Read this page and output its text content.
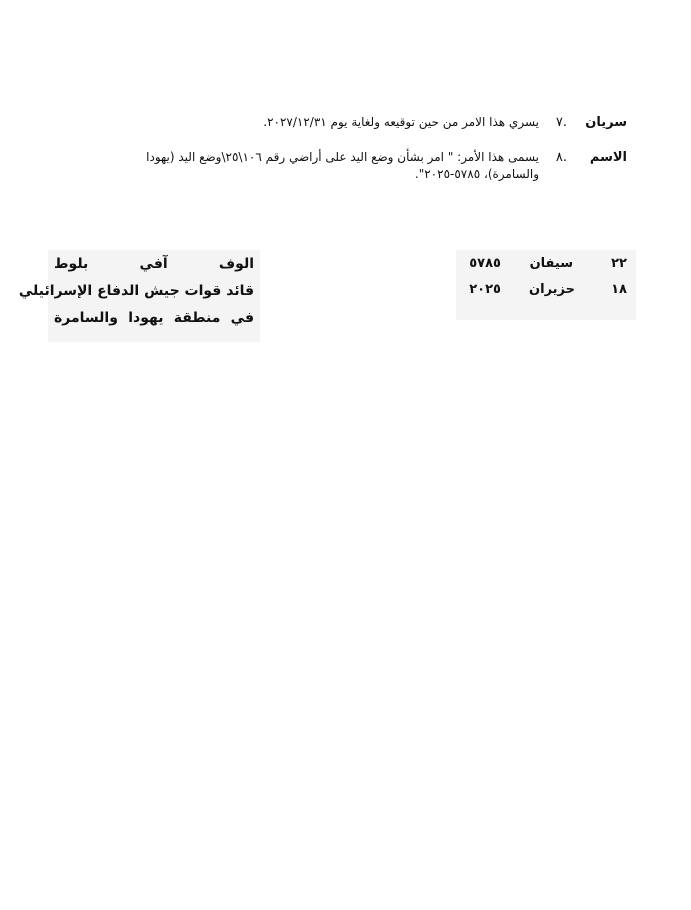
سريان
٧.
يسري هذا الامر من حين توقيعه ولغاية يوم ٢٠٢٧/١٢/٣١.
الاسم
٨.
يسمى هذا الأمر: " امر بشأن وضع اليد على أراضي رقم ١٠٦\٢٥\وضع اليد (يهودا والسامرة)، ٥٧٨٥-٢٠٢٥".
٢٢
سيفان
٥٧٨٥
١٨
حزيران
٢٠٢٥
الوف آفي بلوط
قائد قوات جيش الدفاع الإسرائيلي
في منطقة يهودا والسامرة
